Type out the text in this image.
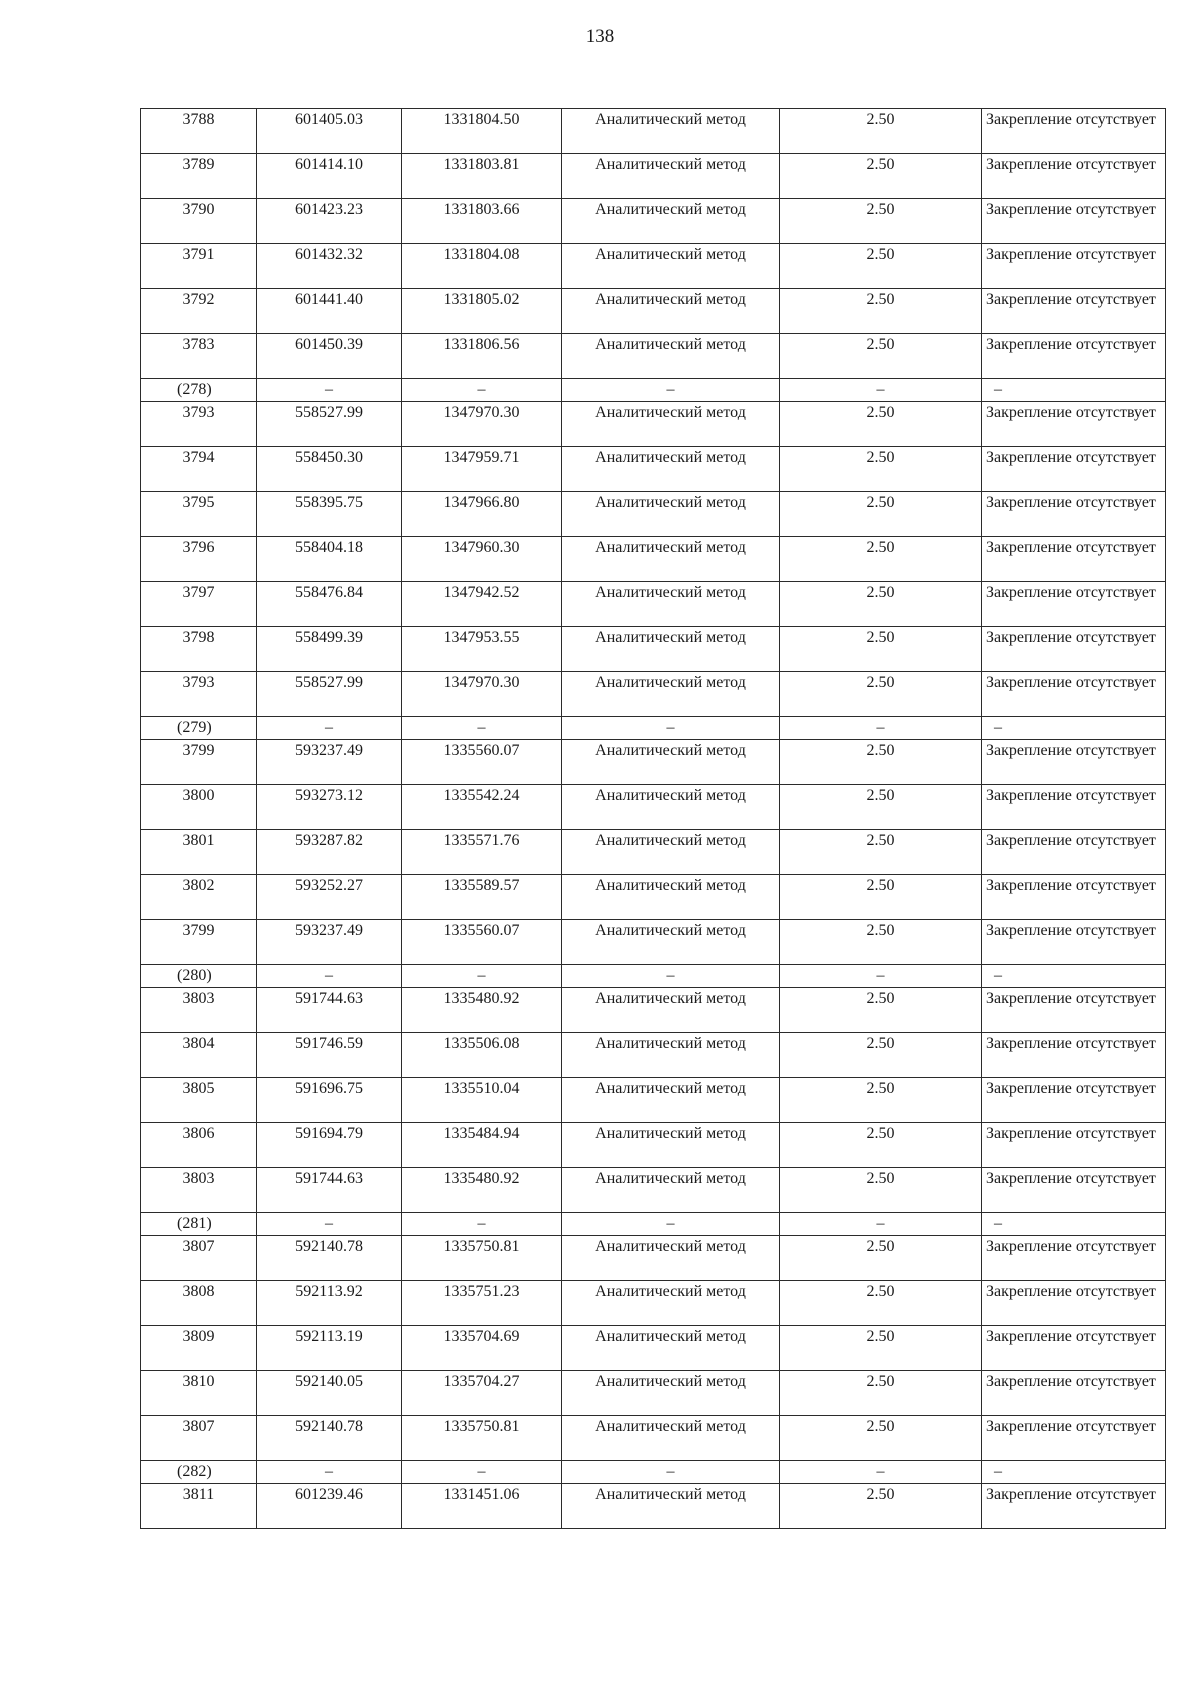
138
3788	601405.03	1331804.50	Аналитический метод	2.50	Закрепление отсутствует
3789	601414.10	1331803.81	Аналитический метод	2.50	Закрепление отсутствует
3790	601423.23	1331803.66	Аналитический метод	2.50	Закрепление отсутствует
3791	601432.32	1331804.08	Аналитический метод	2.50	Закрепление отсутствует
3792	601441.40	1331805.02	Аналитический метод	2.50	Закрепление отсутствует
3783	601450.39	1331806.56	Аналитический метод	2.50	Закрепление отсутствует
(278)	–	–	–	–	–
3793	558527.99	1347970.30	Аналитический метод	2.50	Закрепление отсутствует
3794	558450.30	1347959.71	Аналитический метод	2.50	Закрепление отсутствует
3795	558395.75	1347966.80	Аналитический метод	2.50	Закрепление отсутствует
3796	558404.18	1347960.30	Аналитический метод	2.50	Закрепление отсутствует
3797	558476.84	1347942.52	Аналитический метод	2.50	Закрепление отсутствует
3798	558499.39	1347953.55	Аналитический метод	2.50	Закрепление отсутствует
3793	558527.99	1347970.30	Аналитический метод	2.50	Закрепление отсутствует
(279)	–	–	–	–	–
3799	593237.49	1335560.07	Аналитический метод	2.50	Закрепление отсутствует
3800	593273.12	1335542.24	Аналитический метод	2.50	Закрепление отсутствует
3801	593287.82	1335571.76	Аналитический метод	2.50	Закрепление отсутствует
3802	593252.27	1335589.57	Аналитический метод	2.50	Закрепление отсутствует
3799	593237.49	1335560.07	Аналитический метод	2.50	Закрепление отсутствует
(280)	–	–	–	–	–
3803	591744.63	1335480.92	Аналитический метод	2.50	Закрепление отсутствует
3804	591746.59	1335506.08	Аналитический метод	2.50	Закрепление отсутствует
3805	591696.75	1335510.04	Аналитический метод	2.50	Закрепление отсутствует
3806	591694.79	1335484.94	Аналитический метод	2.50	Закрепление отсутствует
3803	591744.63	1335480.92	Аналитический метод	2.50	Закрепление отсутствует
(281)	–	–	–	–	–
3807	592140.78	1335750.81	Аналитический метод	2.50	Закрепление отсутствует
3808	592113.92	1335751.23	Аналитический метод	2.50	Закрепление отсутствует
3809	592113.19	1335704.69	Аналитический метод	2.50	Закрепление отсутствует
3810	592140.05	1335704.27	Аналитический метод	2.50	Закрепление отсутствует
3807	592140.78	1335750.81	Аналитический метод	2.50	Закрепление отсутствует
(282)	–	–	–	–	–
3811	601239.46	1331451.06	Аналитический метод	2.50	Закрепление отсутствует
